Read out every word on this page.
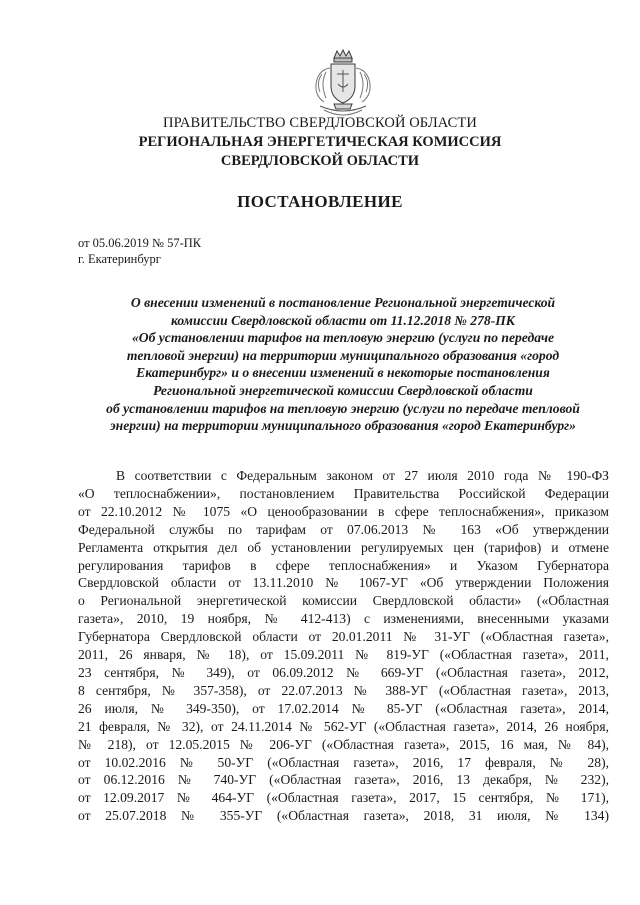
ПРАВИТЕЛЬСТВО СВЕРДЛОВСКОЙ ОБЛАСТИ
РЕГИОНАЛЬНАЯ ЭНЕРГЕТИЧЕСКАЯ КОМИССИЯ
СВЕРДЛОВСКОЙ ОБЛАСТИ
ПОСТАНОВЛЕНИЕ
от 05.06.2019 № 57-ПК
г. Екатеринбург
О внесении изменений в постановление Региональной энергетической
комиссии Свердловской области от 11.12.2018 № 278-ПК
«Об установлении тарифов на тепловую энергию (услуги по передаче
тепловой энергии) на территории муниципального образования «город
Екатеринбург» и о внесении изменений в некоторые постановления
Региональной энергетической комиссии Свердловской области
об установлении тарифов на тепловую энергию (услуги по передаче тепловой
энергии) на территории муниципального образования «город Екатеринбург»
В соответствии с Федеральным законом от 27 июля 2010 года № 190-ФЗ
«О теплоснабжении», постановлением Правительства Российской Федерации
от 22.10.2012 № 1075 «О ценообразовании в сфере теплоснабжения», приказом
Федеральной службы по тарифам от 07.06.2013 № 163 «Об утверждении
Регламента открытия дел об установлении регулируемых цен (тарифов) и отмене
регулирования тарифов в сфере теплоснабжения» и Указом Губернатора
Свердловской области от 13.11.2010 № 1067-УГ «Об утверждении Положения
о Региональной энергетической комиссии Свердловской области» («Областная
газета», 2010, 19 ноября, № 412-413) с изменениями, внесенными указами
Губернатора Свердловской области от 20.01.2011 № 31-УГ («Областная газета»,
2011, 26 января, № 18), от 15.09.2011 № 819-УГ («Областная газета», 2011,
23 сентября, № 349), от 06.09.2012 № 669-УГ («Областная газета», 2012,
8 сентября, № 357-358), от 22.07.2013 № 388-УГ («Областная газета», 2013,
26 июля, № 349-350), от 17.02.2014 № 85-УГ («Областная газета», 2014,
21 февраля, № 32), от 24.11.2014 № 562-УГ («Областная газета», 2014, 26 ноября,
№ 218), от 12.05.2015 № 206-УГ («Областная газета», 2015, 16 мая, № 84),
от 10.02.2016 № 50-УГ («Областная газета», 2016, 17 февраля, № 28),
от 06.12.2016 № 740-УГ («Областная газета», 2016, 13 декабря, № 232),
от 12.09.2017 № 464-УГ («Областная газета», 2017, 15 сентября, № 171),
от 25.07.2018 № 355-УГ («Областная газета», 2018, 31 июля, № 134)
